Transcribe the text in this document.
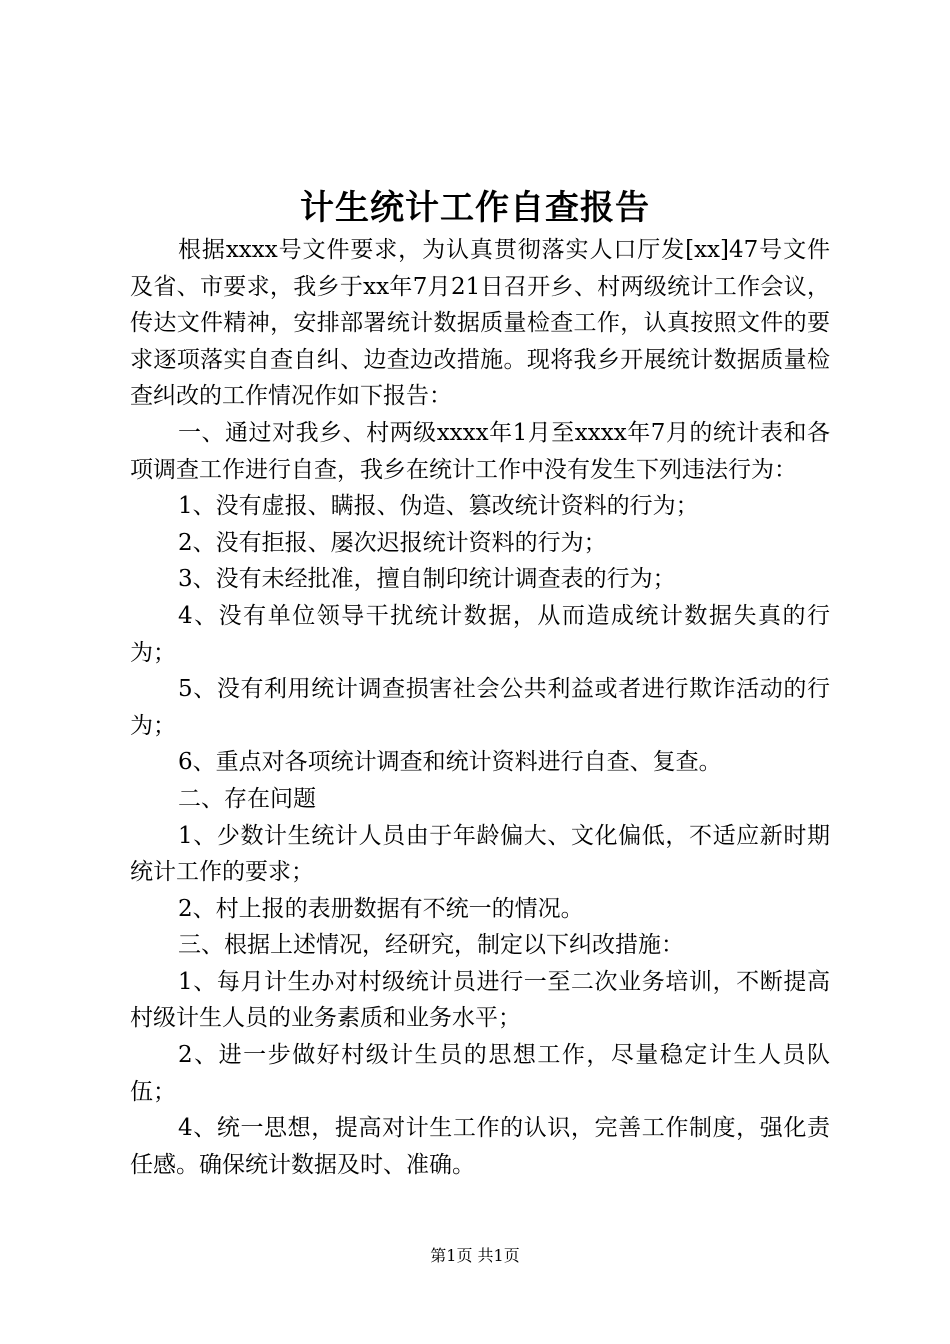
计生统计工作自查报告

根据xxxx号文件要求，为认真贯彻落实人口厅发[xx]47号文件及省、市要求，我乡于xx年7月21日召开乡、村两级统计工作会议，传达文件精神，安排部署统计数据质量检查工作，认真按照文件的要求逐项落实自查自纠、边查边改措施。现将我乡开展统计数据质量检查纠改的工作情况作如下报告：

一、通过对我乡、村两级xxxx年1月至xxxx年7月的统计表和各项调查工作进行自查，我乡在统计工作中没有发生下列违法行为：

1、没有虚报、瞒报、伪造、篡改统计资料的行为；

2、没有拒报、屡次迟报统计资料的行为；

3、没有未经批准，擅自制印统计调查表的行为；

4、没有单位领导干扰统计数据，从而造成统计数据失真的行为；

5、没有利用统计调查损害社会公共利益或者进行欺诈活动的行为；

6、重点对各项统计调查和统计资料进行自查、复查。

二、存在问题

1、少数计生统计人员由于年龄偏大、文化偏低，不适应新时期统计工作的要求；

2、村上报的表册数据有不统一的情况。

三、根据上述情况，经研究，制定以下纠改措施：

1、每月计生办对村级统计员进行一至二次业务培训，不断提高村级计生人员的业务素质和业务水平；

2、进一步做好村级计生员的思想工作，尽量稳定计生人员队伍；

4、统一思想，提高对计生工作的认识，完善工作制度，强化责任感。确保统计数据及时、准确。

第1页 共1页
